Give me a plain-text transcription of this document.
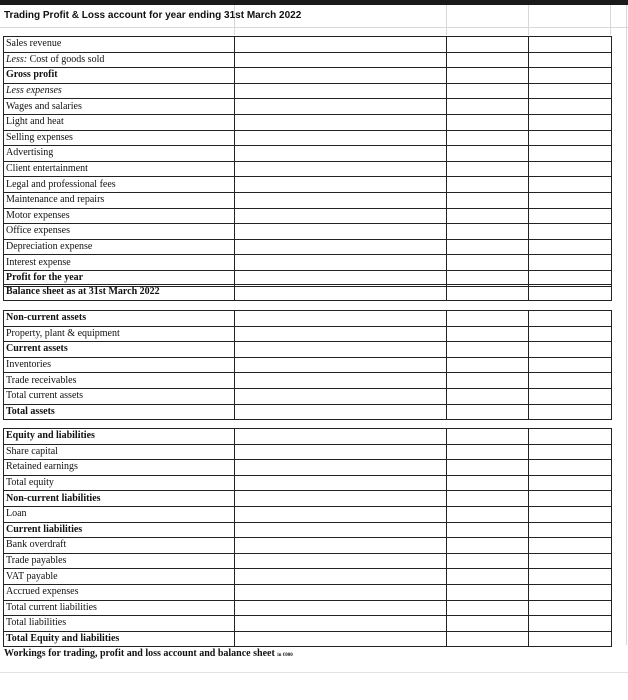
Trading Profit & Loss account for year ending 31st March 2022
Sales revenue			
Less: Cost of goods sold			
Gross profit			
Less expenses			
Wages and salaries			
Light and heat			
Selling expenses			
Advertising			
Client entertainment			
Legal and professional fees			
Maintenance and repairs			
Motor expenses			
Office expenses			
Depreciation expense			
Interest expense			
Profit for the year			
Balance sheet as at 31st March 2022			
Non-current assets			
Property, plant & equipment			
Current assets			
Inventories			
Trade receivables			
Total current assets			
Total assets			
Equity and liabilities			
Share capital			
Retained earnings			
Total equity			
Non-current liabilities			
Loan			
Current liabilities			
Bank overdraft			
Trade payables			
VAT payable			
Accrued expenses			
Total current liabilities			
Total liabilities			
Total Equity and liabilities			
Workings for trading, profit and loss account and balance sheet in €000
